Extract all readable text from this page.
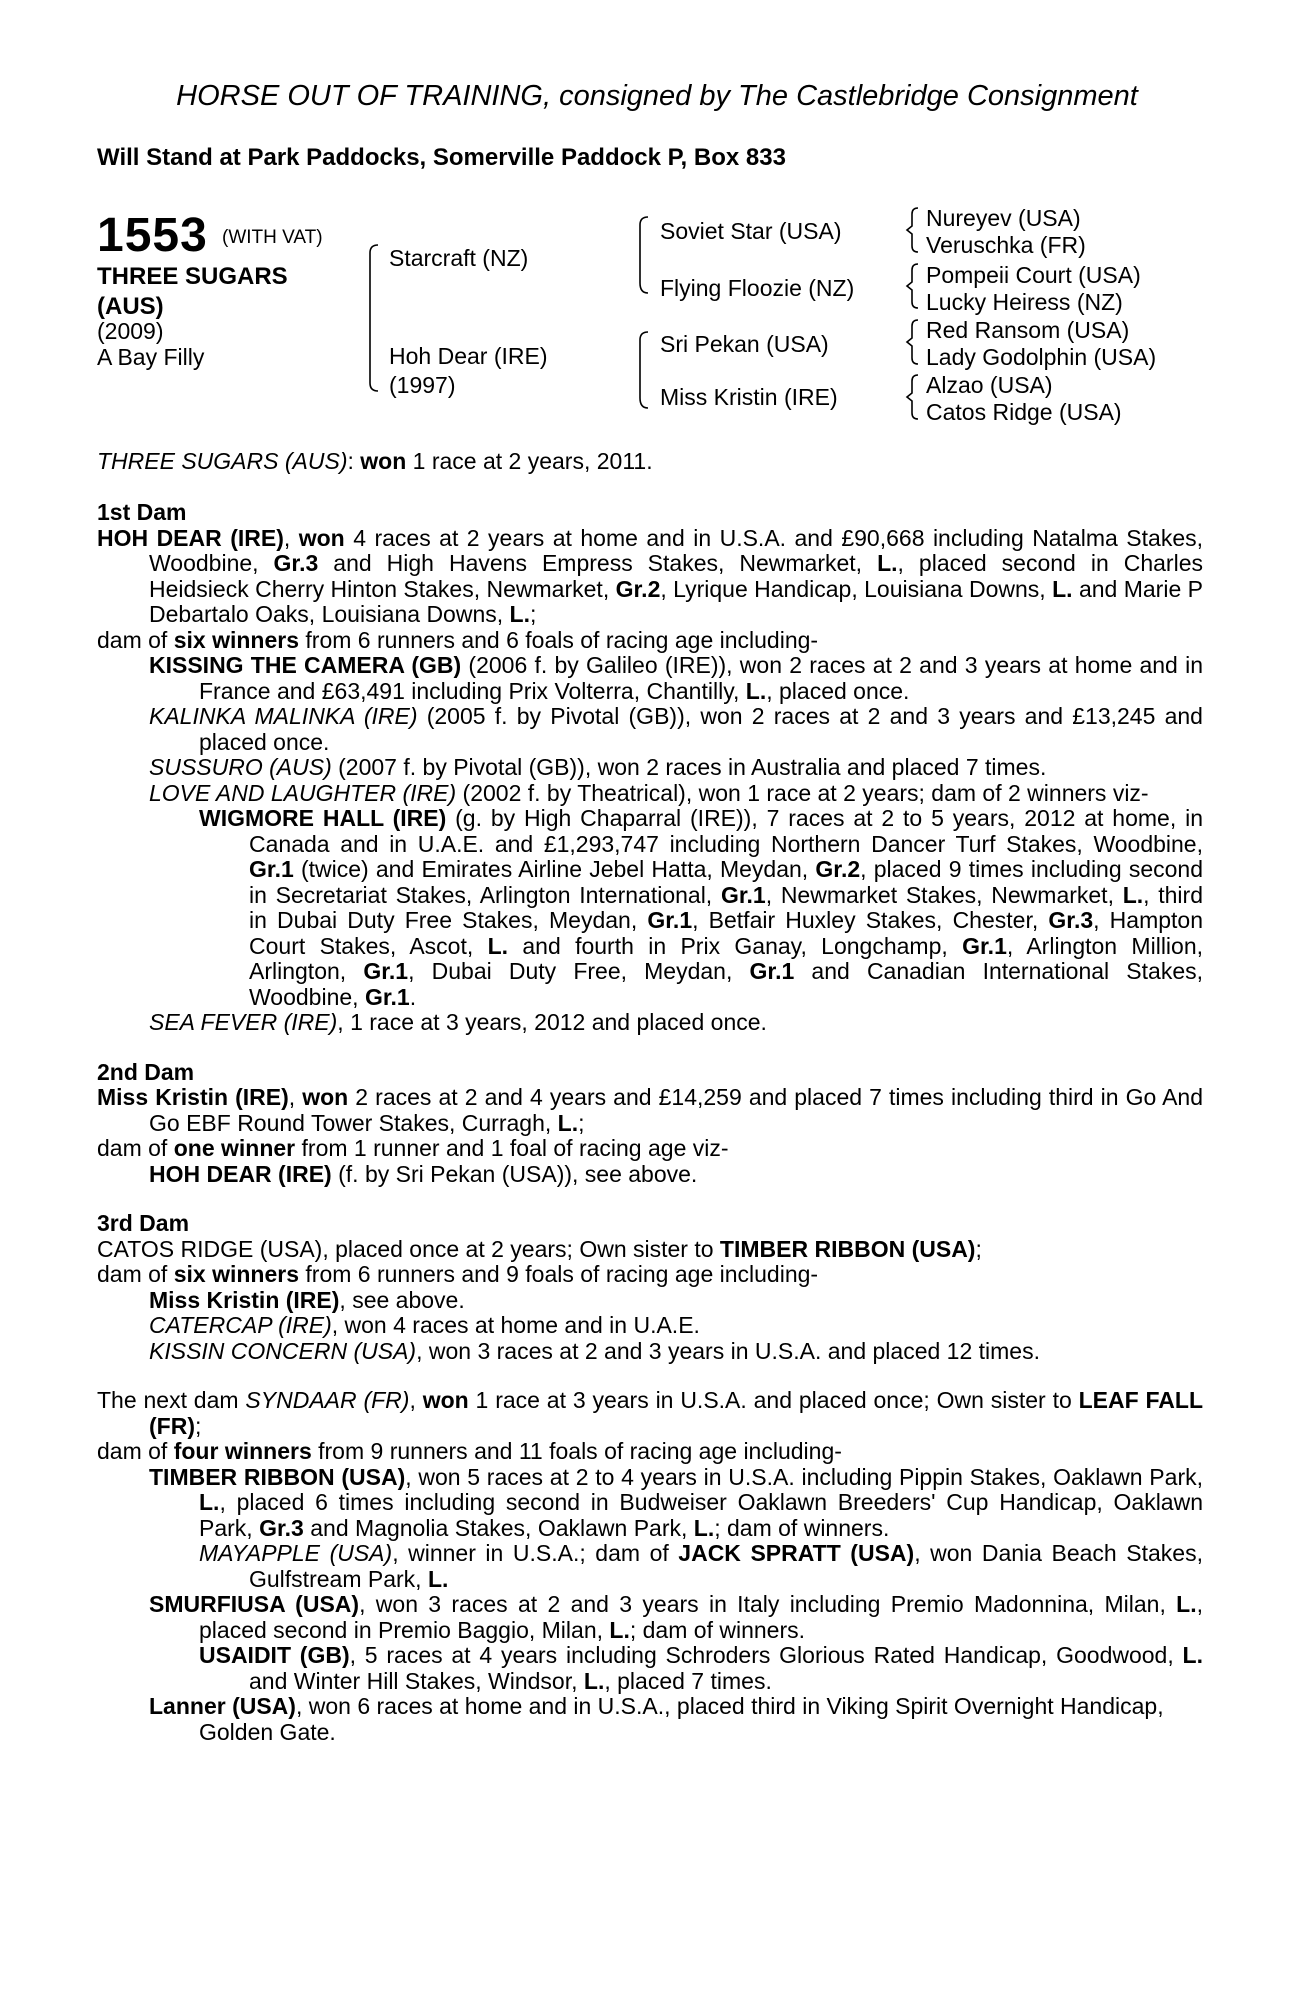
HORSE OUT OF TRAINING, consigned by The Castlebridge Consignment
Will Stand at Park Paddocks, Somerville Paddock P, Box 833
1553 (WITH VAT)
THREE SUGARS
(AUS)
(2009)
A Bay Filly
Starcraft (NZ)
Hoh Dear (IRE)
(1997)
Soviet Star (USA)
Flying Floozie (NZ)
Sri Pekan (USA)
Miss Kristin (IRE)
Nureyev (USA)
Veruschka (FR)
Pompeii Court (USA)
Lucky Heiress (NZ)
Red Ransom (USA)
Lady Godolphin (USA)
Alzao (USA)
Catos Ridge (USA)
THREE SUGARS (AUS): won 1 race at 2 years, 2011.

1st Dam

HOH DEAR (IRE), won 4 races at 2 years at home and in U.S.A. and £90,668 including Natalma Stakes, Woodbine, Gr.3 and High Havens Empress Stakes, Newmarket, L., placed second in Charles Heidsieck Cherry Hinton Stakes, Newmarket, Gr.2, Lyrique Handicap, Louisiana Downs, L. and Marie P Debartalo Oaks, Louisiana Downs, L.;

dam of six winners from 6 runners and 6 foals of racing age including-

KISSING THE CAMERA (GB) (2006 f. by Galileo (IRE)), won 2 races at 2 and 3 years at home and in France and £63,491 including Prix Volterra, Chantilly, L., placed once.

KALINKA MALINKA (IRE) (2005 f. by Pivotal (GB)), won 2 races at 2 and 3 years and £13,245 and placed once.

SUSSURO (AUS) (2007 f. by Pivotal (GB)), won 2 races in Australia and placed 7 times.

LOVE AND LAUGHTER (IRE) (2002 f. by Theatrical), won 1 race at 2 years; dam of 2 winners viz-

WIGMORE HALL (IRE) (g. by High Chaparral (IRE)), 7 races at 2 to 5 years, 2012 at home, in Canada and in U.A.E. and £1,293,747 including Northern Dancer Turf Stakes, Woodbine, Gr.1 (twice) and Emirates Airline Jebel Hatta, Meydan, Gr.2, placed 9 times including second in Secretariat Stakes, Arlington International, Gr.1, Newmarket Stakes, Newmarket, L., third in Dubai Duty Free Stakes, Meydan, Gr.1, Betfair Huxley Stakes, Chester, Gr.3, Hampton Court Stakes, Ascot, L. and fourth in Prix Ganay, Longchamp, Gr.1, Arlington Million, Arlington, Gr.1, Dubai Duty Free, Meydan, Gr.1 and Canadian International Stakes, Woodbine, Gr.1.

SEA FEVER (IRE), 1 race at 3 years, 2012 and placed once.

2nd Dam

Miss Kristin (IRE), won 2 races at 2 and 4 years and £14,259 and placed 7 times including third in Go And Go EBF Round Tower Stakes, Curragh, L.;

dam of one winner from 1 runner and 1 foal of racing age viz-

HOH DEAR (IRE) (f. by Sri Pekan (USA)), see above.

3rd Dam

CATOS RIDGE (USA), placed once at 2 years; Own sister to TIMBER RIBBON (USA);

dam of six winners from 6 runners and 9 foals of racing age including-

Miss Kristin (IRE), see above.

CATERCAP (IRE), won 4 races at home and in U.A.E.

KISSIN CONCERN (USA), won 3 races at 2 and 3 years in U.S.A. and placed 12 times.

The next dam SYNDAAR (FR), won 1 race at 3 years in U.S.A. and placed once; Own sister to LEAF FALL (FR);

dam of four winners from 9 runners and 11 foals of racing age including-

TIMBER RIBBON (USA), won 5 races at 2 to 4 years in U.S.A. including Pippin Stakes, Oaklawn Park, L., placed 6 times including second in Budweiser Oaklawn Breeders' Cup Handicap, Oaklawn Park, Gr.3 and Magnolia Stakes, Oaklawn Park, L.; dam of winners.

MAYAPPLE (USA), winner in U.S.A.; dam of JACK SPRATT (USA), won Dania Beach Stakes, Gulfstream Park, L.

SMURFIUSA (USA), won 3 races at 2 and 3 years in Italy including Premio Madonnina, Milan, L., placed second in Premio Baggio, Milan, L.; dam of winners.

USAIDIT (GB), 5 races at 4 years including Schroders Glorious Rated Handicap, Goodwood, L. and Winter Hill Stakes, Windsor, L., placed 7 times.

Lanner (USA), won 6 races at home and in U.S.A., placed third in Viking Spirit Overnight Handicap, Golden Gate.
